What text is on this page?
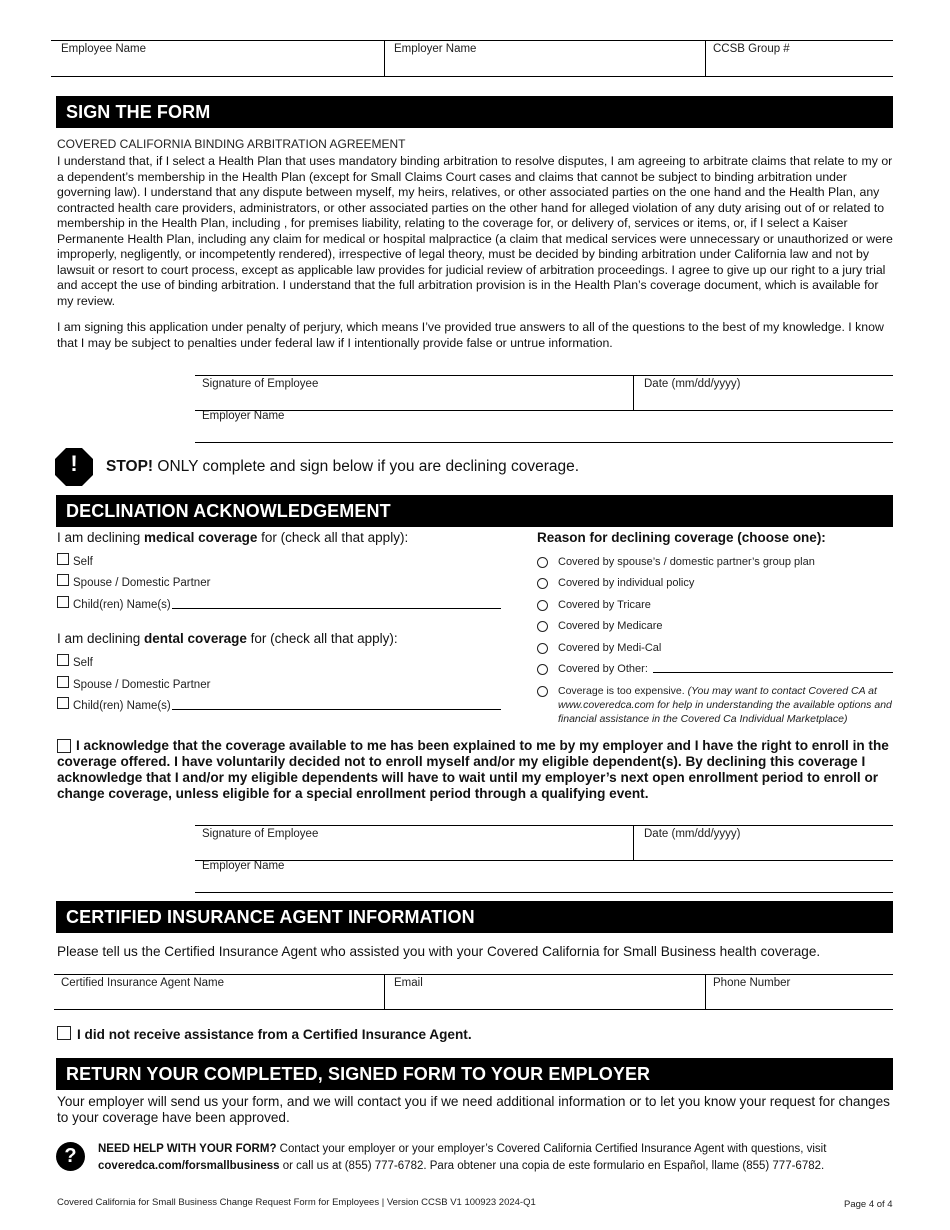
Employee Name	Employer Name	CCSB Group #
SIGN THE FORM
COVERED CALIFORNIA BINDING ARBITRATION AGREEMENT
I understand that, if I select a Health Plan that uses mandatory binding arbitration to resolve disputes, I am agreeing to arbitrate claims that relate to my or a dependent’s membership in the Health Plan (except for Small Claims Court cases and claims that cannot be subject to binding arbitration under governing law). I understand that any dispute between myself, my heirs, relatives, or other associated parties on the one hand and the Health Plan, any contracted health care providers, administrators, or other associated parties on the other hand for alleged violation of any duty arising out of or related to membership in the Health Plan, including , for premises liability, relating to the coverage for, or delivery of, services or items, or, if I select a Kaiser Permanente Health Plan, including any claim for medical or hospital malpractice (a claim that medical services were unnecessary or unauthorized or were improperly, negligently, or incompetently rendered), irrespective of legal theory, must be decided by binding arbitration under California law and not by lawsuit or resort to court process, except as applicable law provides for judicial review of arbitration proceedings. I agree to give up our right to a jury trial and accept the use of binding arbitration. I understand that the full arbitration provision is in the Health Plan’s coverage document, which is available for my review.
I am signing this application under penalty of perjury, which means I’ve provided true answers to all of the questions to the best of my knowledge. I know that I may be subject to penalties under federal law if I intentionally provide false or untrue information.
Signature of Employee	Date (mm/dd/yyyy)
Employer Name
!	STOP! ONLY complete and sign below if you are declining coverage.
DECLINATION ACKNOWLEDGEMENT
I am declining medical coverage for (check all that apply):
Self
Spouse / Domestic Partner
Child(ren) Name(s)
I am declining dental coverage for (check all that apply):
Self
Spouse / Domestic Partner
Child(ren) Name(s)
Reason for declining coverage (choose one):
Covered by spouse’s / domestic partner’s group plan
Covered by individual policy
Covered by Tricare
Covered by Medicare
Covered by Medi-Cal
Covered by Other:
Coverage is too expensive. (You may want to contact Covered CA at www.coveredca.com for help in understanding the available options and financial assistance in the Covered Ca Individual Marketplace)
I acknowledge that the coverage available to me has been explained to me by my employer and I have the right to enroll in the coverage offered. I have voluntarily decided not to enroll myself and/or my eligible dependent(s). By declining this coverage I acknowledge that I and/or my eligible dependents will have to wait until my employer’s next open enrollment period to enroll or change coverage, unless eligible for a special enrollment period through a qualifying event.
Signature of Employee	Date (mm/dd/yyyy)
Employer Name
CERTIFIED INSURANCE AGENT INFORMATION
Please tell us the Certified Insurance Agent who assisted you with your Covered California for Small Business health coverage.
Certified Insurance Agent Name	Email	Phone Number
I did not receive assistance from a Certified Insurance Agent.
RETURN YOUR COMPLETED, SIGNED FORM TO YOUR EMPLOYER
Your employer will send us your form, and we will contact you if we need additional information or to let you know your request for changes to your coverage have been approved.
?	NEED HELP WITH YOUR FORM? Contact your employer or your employer’s Covered California Certified Insurance Agent with questions, visit
coveredca.com/forsmallbusiness or call us at (855) 777-6782. Para obtener una copia de este formulario en Español, llame (855) 777-6782.
Covered California for Small Business Change Request Form for Employees | Version CCSB V1 100923 2024-Q1	Page 4 of 4
